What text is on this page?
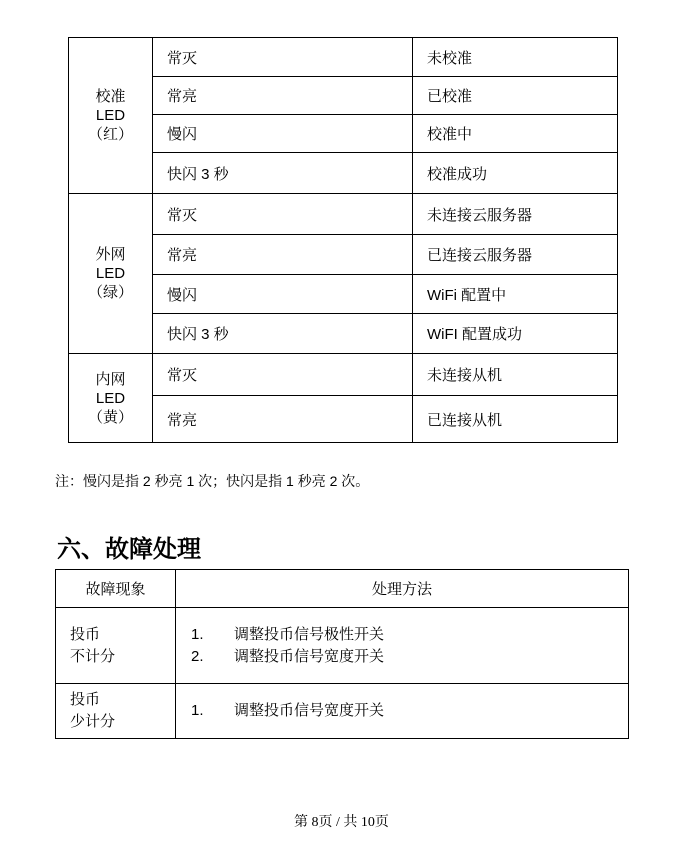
校准
LED
（红）	常灭	未校准
	常亮	已校准
	慢闪	校准中
	快闪 3 秒	校准成功

外网
LED
（绿）	常灭	未连接云服务器
	常亮	已连接云服务器
	慢闪	WiFi 配置中
	快闪 3 秒	WiFI 配置成功

内网
LED
（黄）	常灭	未连接从机
	常亮	已连接从机
注：慢闪是指 2 秒亮 1 次；快闪是指 1 秒亮 2 次。
六、故障处理
故障现象	处理方法

投币
不计分	1. 调整投币信号极性开关
2. 调整投币信号宽度开关

投币
少计分	1. 调整投币信号宽度开关
第 8页 / 共 10页
